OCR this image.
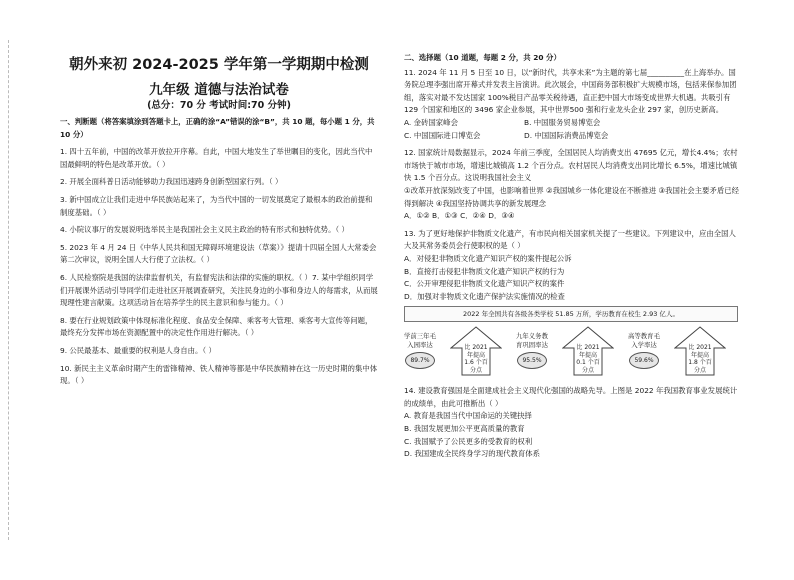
朝外来初 2024-2025 学年第一学期期中检测
九年级 道德与法治试卷
(总分：70 分 考试时间:70 分钟)

一、判断题（将答案填涂到答题卡上，正确的涂“A”错误的涂“B”，共 10 题，每小题 1 分，共 10 分）

1. 四十五年前，中国的改革开放拉开序幕。自此，中国大地发生了举世瞩目的变化，因此当代中国最鲜明的特色是改革开放。（ ）

2. 开展全面科普日活动能够助力我国迅速跨身创新型国家行列。（ ）

3. 新中国成立让我们走进中华民族站起来了，为当代中国的一切发展奠定了最根本的政治前提和制度基础。（ ）

4. 小院议事厅的发展说明选举民主是我国社会主义民主政治的特有形式和独特优势。（ ）

5. 2023 年 4 月 24 日《中华人民共和国无障碍环境建设法（草案）》提请十四届全国人大常委会第二次审议，说明全国人大行使了立法权。（ ）

6. 人民检察院是我国的法律监督机关，有监督宪法和法律的实施的职权。（ ）7. 某中学组织同学们开展课外活动引导同学们走进社区开展调查研究，关注民身边的小事和身边人的每需求，从而展现理性建言献策。这项活动旨在培养学生的民主意识和参与能力。（ ）

8. 要在行业规划政策中体现标准化程度、食品安全保障、乘客考大管理、乘客考大宣传等问题，最终充分发挥市场在资源配置中的决定性作用进行解决。（ ）

9. 公民最基本、最重要的权利是人身自由。（ ）

10. 新民主主义革命时期产生的雷锋精神、铁人精神等都是中华民族精神在这一历史时期的集中体现。（ ）

二、选择题（10 道题，每题 2 分，共 20 分）

11. 2024 年 11 月 5 日至 10 日，以“新时代，共享未来”为主题的第七届__________在上海举办。国务院总理李强出席开幕式并发表主旨演讲。此次展会，中国商务部积极扩大规模市场，包括来保参加团组，落实对最不发达国家 100%税目产品零关税待遇，直正把中国大市场变成世界大机遇。共吸引有 129 个国家和地区的 3496 家企业参展，其中世界500 强和行业龙头企业 297 家，创历史新高。

A. 金砖国家峰会	B. 中国服务贸易博览会
C. 中国国际进口博览会	D. 中国国际消费品博览会

12. 国家统计局数据显示，2024 年前三季度，全国居民人均消费支出 47695 亿元，增长4.4%；农村市场快于城市市场，增速比城镇高 1.2 个百分点。农村居民人均消费支出同比增长 6.5%，增速比城镇快 1.5 个百分点。这说明我国社会主义

①改革开放深刻改变了中国，也影响着世界 ②我国城乡一体化建设在不断推进 ③我国社会主要矛盾已经得到解决 ④我国坚持协调共享的新发展理念

A．①② B．①③ C．②④ D．③④

13. 为了更好地保护非物质文化遗产，有市民向相关国家机关提了一些建议。下列建议中，应由全国人大及其常务委员会行使职权的是（ ）

A．对侵犯非物质文化遗产知识产权的案件提起公诉

B．直接打击侵犯非物质文化遗产知识产权的行为

C．公开审理侵犯非物质文化遗产知识产权的案件

D．加强对非物质文化遗产保护法实施情况的检查

2022 年全国共有各级各类学校 51.85 万所，学历教育在校生 2.93 亿人。
学前三年毛入园率达
89.7%
比 2021 年提高 1.6 个百分点
九年义务教育巩固率达
95.5%
比 2021 年提高 0.1 个百分点
高等教育毛入学率达
59.6%
比 2021 年提高 1.8 个百分点

14. 建设教育强国是全面建成社会主义现代化强国的战略先导。上图是 2022 年我国教育事业发展统计的成绩单，由此可推断出（ ）

A. 教育是我国当代中国命运的关键抉择

B. 我国发展更加公平更高质量的教育

C. 我国赋予了公民更多的受教育的权利

D. 我国建成全民终身学习的现代教育体系
